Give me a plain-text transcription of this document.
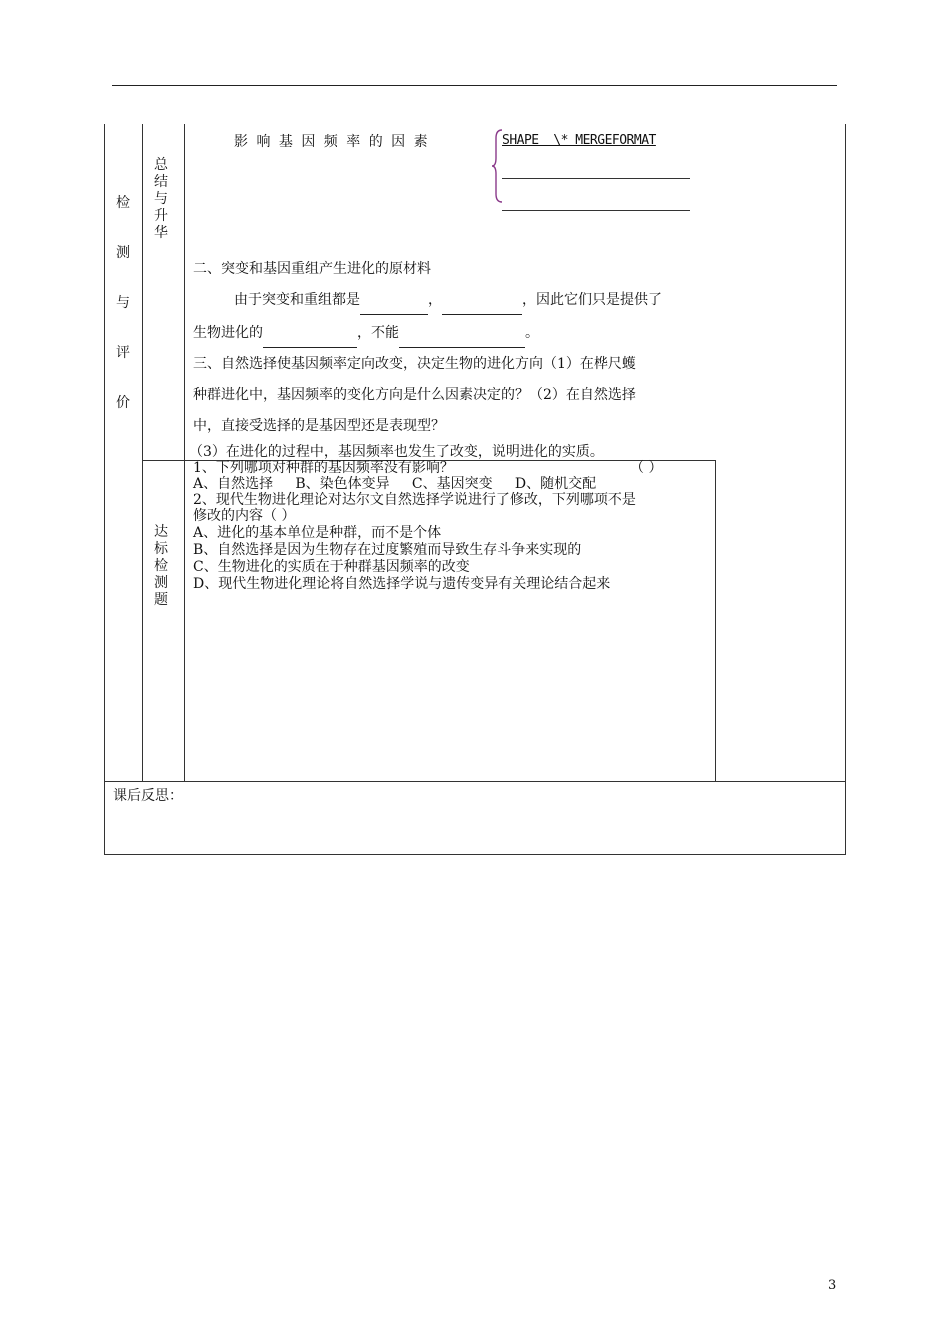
检
测
与
评
价
总
结
与
升
华
影 响 基 因 频 率 的 因 素	SHAPE  \* MERGEFORMAT
二、突变和基因重组产生进化的原材料
由于突变和重组都是	，	，因此它们只是提供了
生物进化的	，不能	。
三、自然选择使基因频率定向改变，决定生物的进化方向（1）在桦尺蠖
种群进化中，基因频率的变化方向是什么因素决定的？（2）在自然选择
中，直接受选择的是基因型还是表现型？
（3）在进化的过程中，基因频率也发生了改变，说明进化的实质。
达
标
检
测
题
1、下列哪项对种群的基因频率没有影响？	（ ）
A、自然选择     B、染色体变异     C、基因突变     D、随机交配
2、现代生物进化理论对达尔文自然选择学说进行了修改，下列哪项不是
修改的内容（ ）
A、进化的基本单位是种群，而不是个体
B、自然选择是因为生物存在过度繁殖而导致生存斗争来实现的
C、生物进化的实质在于种群基因频率的改变
D、现代生物进化理论将自然选择学说与遗传变异有关理论结合起来
课后反思：
3
